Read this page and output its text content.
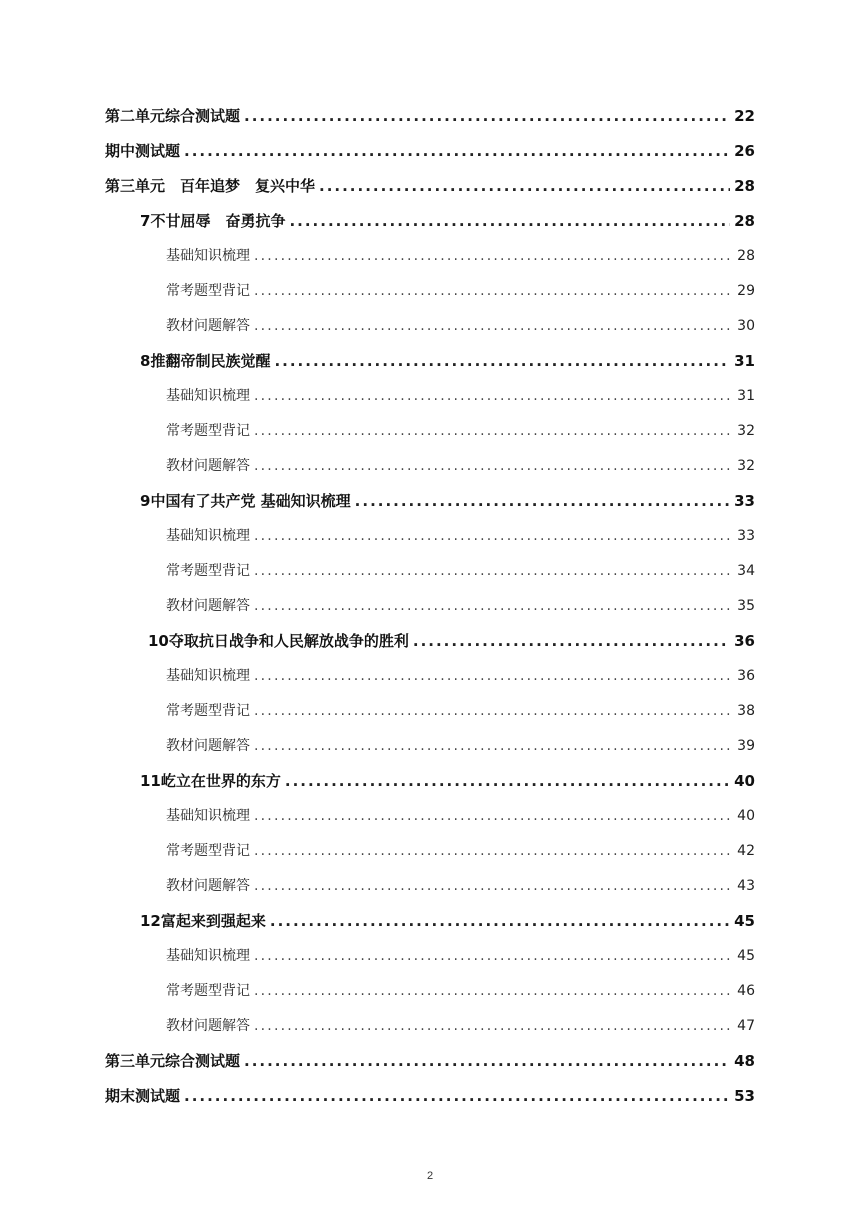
第二单元综合测试题 .....	22
期中测试题 .....	26
第三单元　百年追梦　复兴中华 .....	28
7 不甘屈辱　奋勇抗争 .....	28
基础知识梳理 .....	28
常考题型背记 .....	29
教材问题解答 .....	30
8 推翻帝制民族觉醒 .....	31
基础知识梳理 .....	31
常考题型背记 .....	32
教材问题解答 .....	32
9 中国有了共产党 基础知识梳理 .....	33
基础知识梳理 .....	33
常考题型背记 .....	34
教材问题解答 .....	35
10 夺取抗日战争和人民解放战争的胜利 .....	36
基础知识梳理 .....	36
常考题型背记 .....	38
教材问题解答 .....	39
11 屹立在世界的东方 .....	40
基础知识梳理 .....	40
常考题型背记 .....	42
教材问题解答 .....	43
12 富起来到强起来 .....	45
基础知识梳理 .....	45
常考题型背记 .....	46
教材问题解答 .....	47
第三单元综合测试题 .....	48
期末测试题 .....	53
2
